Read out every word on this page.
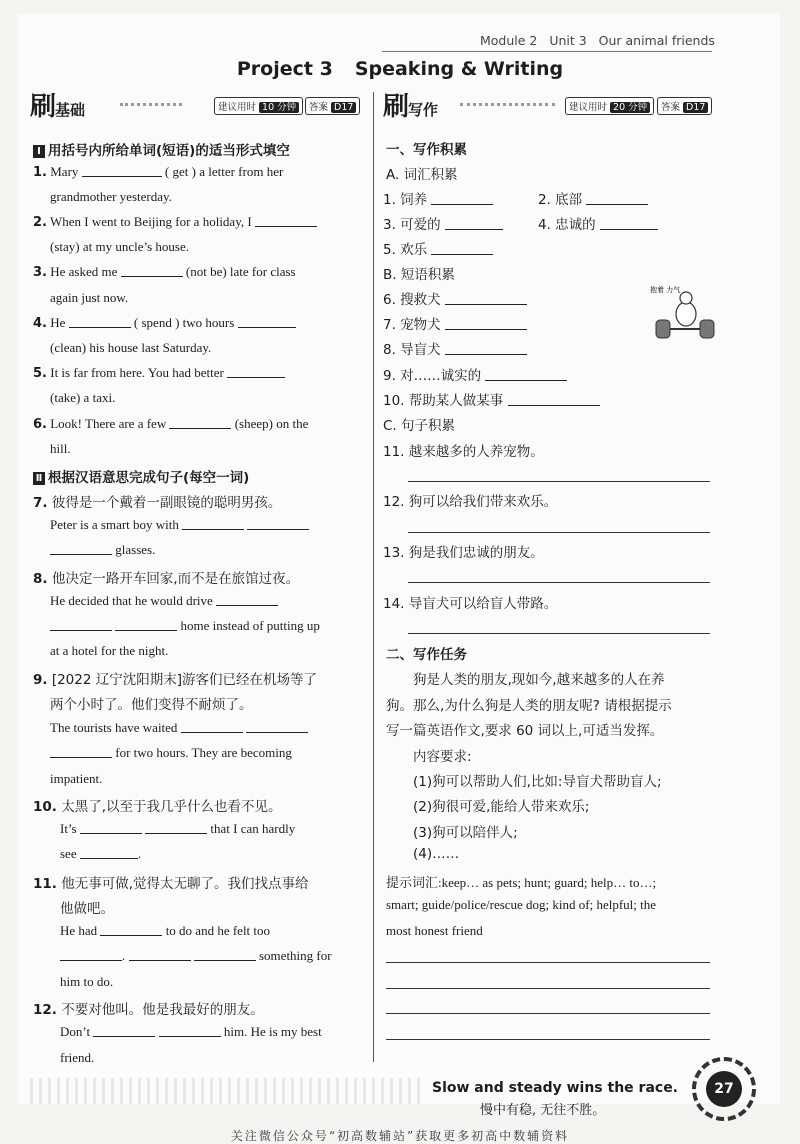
Module 2 Unit 3 Our animal friends
Project 3 Speaking & Writing
刷基础	建议用时 10 分钟	答案 D17 刷写作	建议用时 20 分钟	答案 D17
Ⅰ 用括号内所给单词(短语)的适当形式填空
1. Mary	( get ) a letter from her
grandmother yesterday.
2. When I went to Beijing for a holiday, I
(stay) at my uncle’s house.
3. He asked me	(not be) late for class
again just now.
4. He	( spend ) two hours
(clean) his house last Saturday.
5. It is far from here. You had better
(take) a taxi.
6. Look! There are a few	(sheep) on the
hill.
Ⅱ 根据汉语意思完成句子(每空一词)
7. 彼得是一个戴着一副眼镜的聪明男孩。
Peter is a smart boy with
glasses.
8. 他决定一路开车回家,而不是在旅馆过夜。
He decided that he would drive
home instead of putting up
at a hotel for the night.
9. [2022 辽宁沈阳期末]游客们已经在机场等了
两个小时了。他们变得不耐烦了。
The tourists have waited
for two hours. They are becoming
impatient.
10. 太黑了,以至于我几乎什么也看不见。
It’s	that I can hardly
see	.
11. 他无事可做,觉得太无聊了。我们找点事给
他做吧。
He had	to do and he felt too
.	something for
him to do.
12. 不要对他叫。他是我最好的朋友。
Don’t	him. He is my best
friend.
一、写作积累
A. 词汇积累
1. 饲养	2. 底部
3. 可爱的	4. 忠诚的
5. 欢乐
B. 短语积累
6. 搜救犬
7. 宠物犬
8. 导盲犬
9. 对……诚实的
10. 帮助某人做某事
抱着 力气
C. 句子积累
11. 越来越多的人养宠物。
12. 狗可以给我们带来欢乐。
13. 狗是我们忠诚的朋友。
14. 导盲犬可以给盲人带路。
二、写作任务
狗是人类的朋友,现如今,越来越多的人在养
狗。那么,为什么狗是人类的朋友呢? 请根据提示
写一篇英语作文,要求 60 词以上,可适当发挥。
内容要求:
(1)狗可以帮助人们,比如:导盲犬帮助盲人;
(2)狗很可爱,能给人带来欢乐;
(3)狗可以陪伴人;
(4)……
提示词汇:keep… as pets; hunt; guard; help… to…;
smart; guide/police/rescue dog; kind of; helpful; the
most honest friend
Slow and steady wins the race.
慢中有稳, 无往不胜。
27
关注微信公众号“初高数辅站”获取更多初高中数辅资料
